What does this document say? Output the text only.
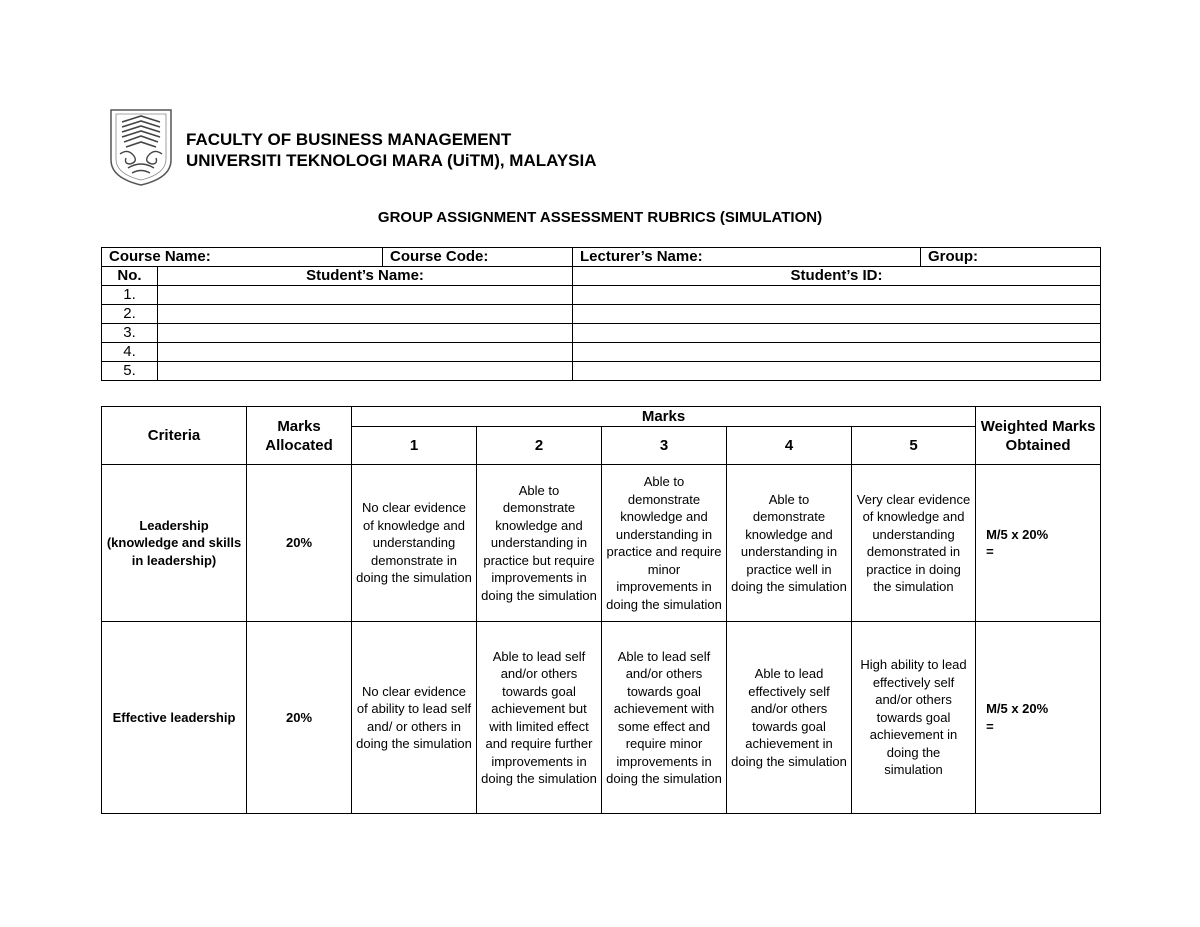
FACULTY OF BUSINESS MANAGEMENT
UNIVERSITI TEKNOLOGI MARA (UiTM), MALAYSIA
GROUP ASSIGNMENT ASSESSMENT RUBRICS (SIMULATION)
Course Name:		Course Code:	Lecturer’s Name:	Group:
No.	Student’s Name:		Student’s ID:	
1.				
2.				
3.				
4.				
5.				
Criteria	Marks Allocated	Marks					Weighted Marks Obtained
		1	2	3	4	5	
Leadership (knowledge and skills in leadership)	20%	No clear evidence of knowledge and understanding demonstrate in doing the simulation	Able to demonstrate knowledge and understanding in practice but require improvements in doing the simulation	Able to demonstrate knowledge and understanding in practice and require minor improvements in doing the simulation	Able to demonstrate knowledge and understanding in practice well in doing the simulation	Very clear evidence of knowledge and understanding demonstrated in practice in doing the simulation	M/5 x 20%
=

Effective leadership	20%	No clear evidence of ability to lead self and/ or others in doing the simulation	Able to lead self and/or others towards goal achievement but with limited effect and require further improvements in doing the simulation	Able to lead self and/or others towards goal achievement with some effect and require minor improvements in doing the simulation	Able to lead effectively self and/or others towards goal achievement in doing the simulation	High ability to lead effectively self and/or others towards goal achievement in doing the simulation	M/5 x 20%
=
